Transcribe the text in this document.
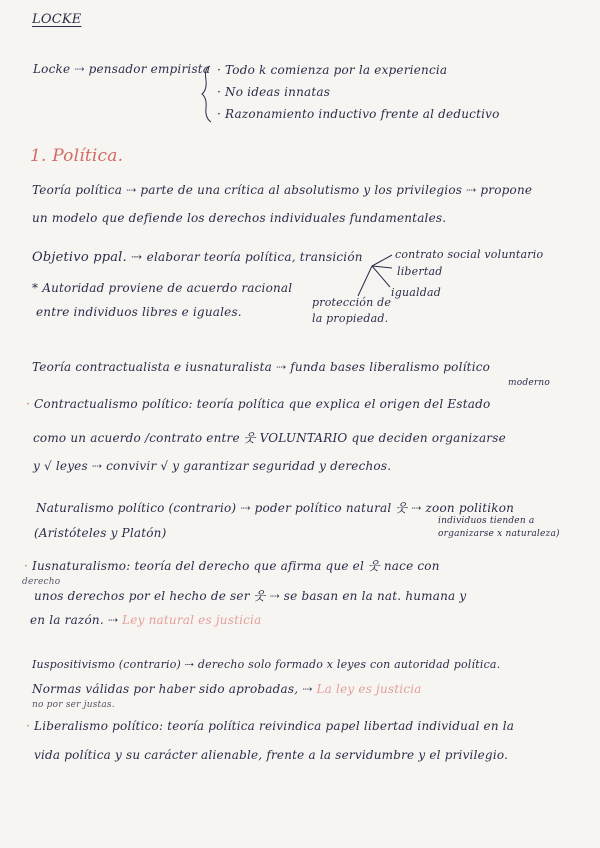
LOCKE
Locke ⇢ pensador empirista · Todo k comienza por la experiencia
· No ideas innatas
· Razonamiento inductivo frente al deductivo
1. Política.
Teoría política ⇢ parte de una crítica al absolutismo y los privilegios ⇢ propone
un modelo que defiende los derechos individuales fundamentales.
Objetivo ppal. ⇢ elaborar teoría política, transición	contrato social voluntario
libertad
igualdad
protección de
la propiedad.
* Autoridad proviene de acuerdo racional
entre individuos libres e iguales.
Teoría contractualista e iusnaturalista ⇢ funda bases liberalismo político
moderno
· Contractualismo político: teoría política que explica el origen del Estado
como un acuerdo /contrato entre 웃 VOLUNTARIO que deciden organizarse
y √ leyes ⇢ convivir √ y garantizar seguridad y derechos.
Naturalismo político (contrario) ⇢ poder político natural 웃 ⇢ zoon politikon
individuos tienden a
organizarse x naturaleza)
(Aristóteles y Platón)
· Iusnaturalismo: teoría del derecho que afirma que el 웃 nace con
derecho
unos derechos por el hecho de ser 웃 ⇢ se basan en la nat. humana y
en la razón. ⇢ Ley natural es justicia
Iuspositivismo (contrario) ⇢ derecho solo formado x leyes con autoridad política.
Normas válidas por haber sido aprobadas, ⇢ La ley es justicia
no por ser justas.
· Liberalismo político: teoría política reivindica papel libertad individual en la
vida política y su carácter alienable, frente a la servidumbre y el privilegio.
